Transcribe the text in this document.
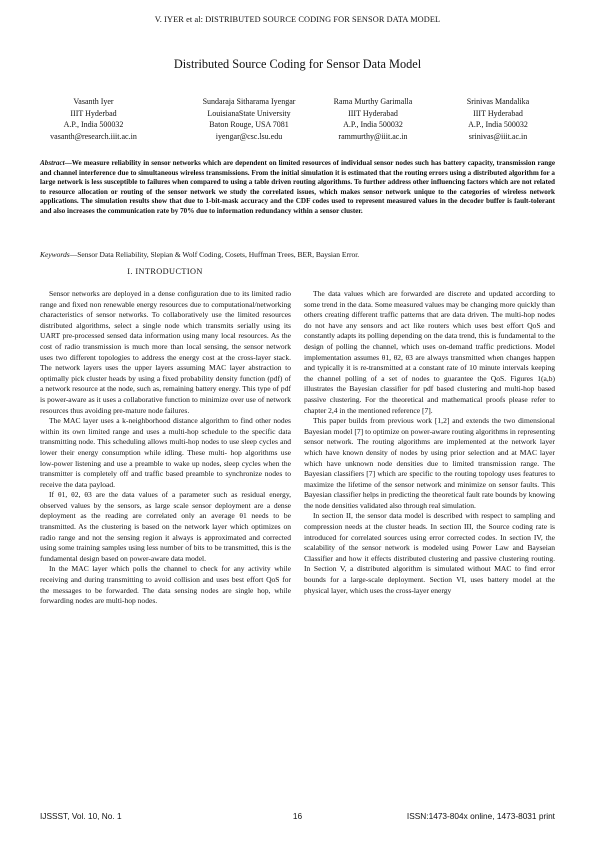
V. IYER et al: DISTRIBUTED SOURCE CODING FOR SENSOR DATA MODEL
Distributed Source Coding for Sensor Data Model
Vasanth Iyer
IIIT Hyderbad
A.P., India 500032
vasanth@research.iiit.ac.in
Sundaraja Sitharama Iyengar
LouisianaState University
Baton Rouge, USA 7081
iyengar@csc.lsu.edu
Rama Murthy Garimalla
IIIT Hyderabad
A.P., India 500032
rammurthy@iiit.ac.in
Srinivas Mandalika
IIIT Hyderabad
A.P., India 500032
srinivas@iiit.ac.in
Abstract—We measure reliability in sensor networks which are dependent on limited resources of individual sensor nodes such has battery capacity, transmission range and channel interference due to simultaneous wireless transmissions. From the initial simulation it is estimated that the routing errors using a distributed algorithm for a large network is less susceptible to failures when compared to using a table driven routing algorithms. To further address other influencing factors which are not related to resource allocation or routing of the sensor network we study the correlated issues, which makes sensor network unique to the categories of wireless network applications. The simulation results show that due to 1-bit-mask accuracy and the CDF codes used to represent measured values in the decoder buffer is fault-tolerant and also increases the communication rate by 70% due to information redundancy within a sensor cluster.
Keywords—Sensor Data Reliability, Slepian & Wolf Coding, Cosets, Huffman Trees, BER, Baysian Error.
I. INTRODUCTION

Sensor networks are deployed in a dense configuration due to its limited radio range and fixed non renewable energy resources due to computational/networking characteristics of sensor networks. To collaboratively use the limited resources distributed algorithms, select a single node which transmits serially using its UART pre-processed sensed data information using many local resources. As the cost of radio transmission is much more than local sensing, the sensor network uses two different topologies to address the energy cost at the cross-layer stack. The network layers uses the upper layers assuming MAC layer abstraction to optimally pick cluster heads by using a fixed probability density function (pdf) of a network resource at the node, such as, remaining battery energy. This type of pdf is power-aware as it uses a collaborative function to minimize over use of network resources thus avoiding pre-mature node failures.

The MAC layer uses a k-neighborhood distance algorithm to find other nodes within its own limited range and uses a multi-hop schedule to the specific data transmitting node. This scheduling allows multi-hop nodes to use sleep cycles and lower their energy consumption while idling. These multi- hop algorithms use low-power listening and use a preamble to wake up nodes, sleep cycles when the transmitter is completely off and traffic based preamble to synchronize nodes to receive the data payload.

If θ1, θ2, θ3 are the data values of a parameter such as residual energy, observed values by the sensors, as large scale sensor deployment are a dense deployment as the reading are correlated only an average θ1 needs to be transmitted. As the clustering is based on the network layer which optimizes on radio range and not the sensing region it always is approximated and corrected using some training samples using less number of bits to be transmitted, this is the fundamental design based on power-aware data model.

In the MAC layer which polls the channel to check for any activity while receiving and during transmitting to avoid collision and uses best effort QoS for the messages to be forwarded. The data sensing nodes are single hop, while forwarding nodes are multi-hop nodes.

The data values which are forwarded are discrete and updated according to some trend in the data. Some measured values may be changing more quickly than others creating different traffic patterns that are data driven. The multi-hop nodes do not have any sensors and act like routers which uses best effort QoS and constantly adapts its polling depending on the data trend, this is fundamental to the design of polling the channel, which uses on-demand traffic predictions. Model implementation assumes θ1, θ2, θ3 are always transmitted when changes happen and typically it is re-transmitted at a constant rate of 10 minute intervals keeping the channel polling of a set of nodes to guarantee the QoS. Figures 1(a,b) illustrates the Bayesian classifier for pdf based clustering and multi-hop based passive clustering. For the theoretical and mathematical proofs please refer to chapter 2,4 in the mentioned reference [7].

This paper builds from previous work [1,2] and extends the two dimensional Bayesian model [7] to optimize on power-aware routing algorithms in representing sensor network. The routing algorithms are implemented at the network layer which have known density of nodes by using prior selection and at MAC layer which have unknown node densities due to limited transmission range. The Bayesian classifiers [7] which are specific to the routing topology uses features to maximize the lifetime of the sensor network and minimize on sensor faults. This Bayesian classifier helps in predicting the theoretical fault rate bounds by knowing the node densities validated also through real simulation.

In section II, the sensor data model is described with respect to sampling and compression needs at the cluster heads. In section III, the Source coding rate is introduced for correlated sources using error corrected codes. In section IV, the scalability of the sensor network is modeled using Power Law and Bayseian Classifier and how it effects distributed clustering and passive clustering routing. In Section V, a distributed algorithm is simulated without MAC to find error bounds for a large-scale deployment. Section VI, uses battery model at the physical layer, which uses the cross-layer energy

IJSSST, Vol. 10, No. 1	16	ISSN:1473-804x online, 1473-8031 print
